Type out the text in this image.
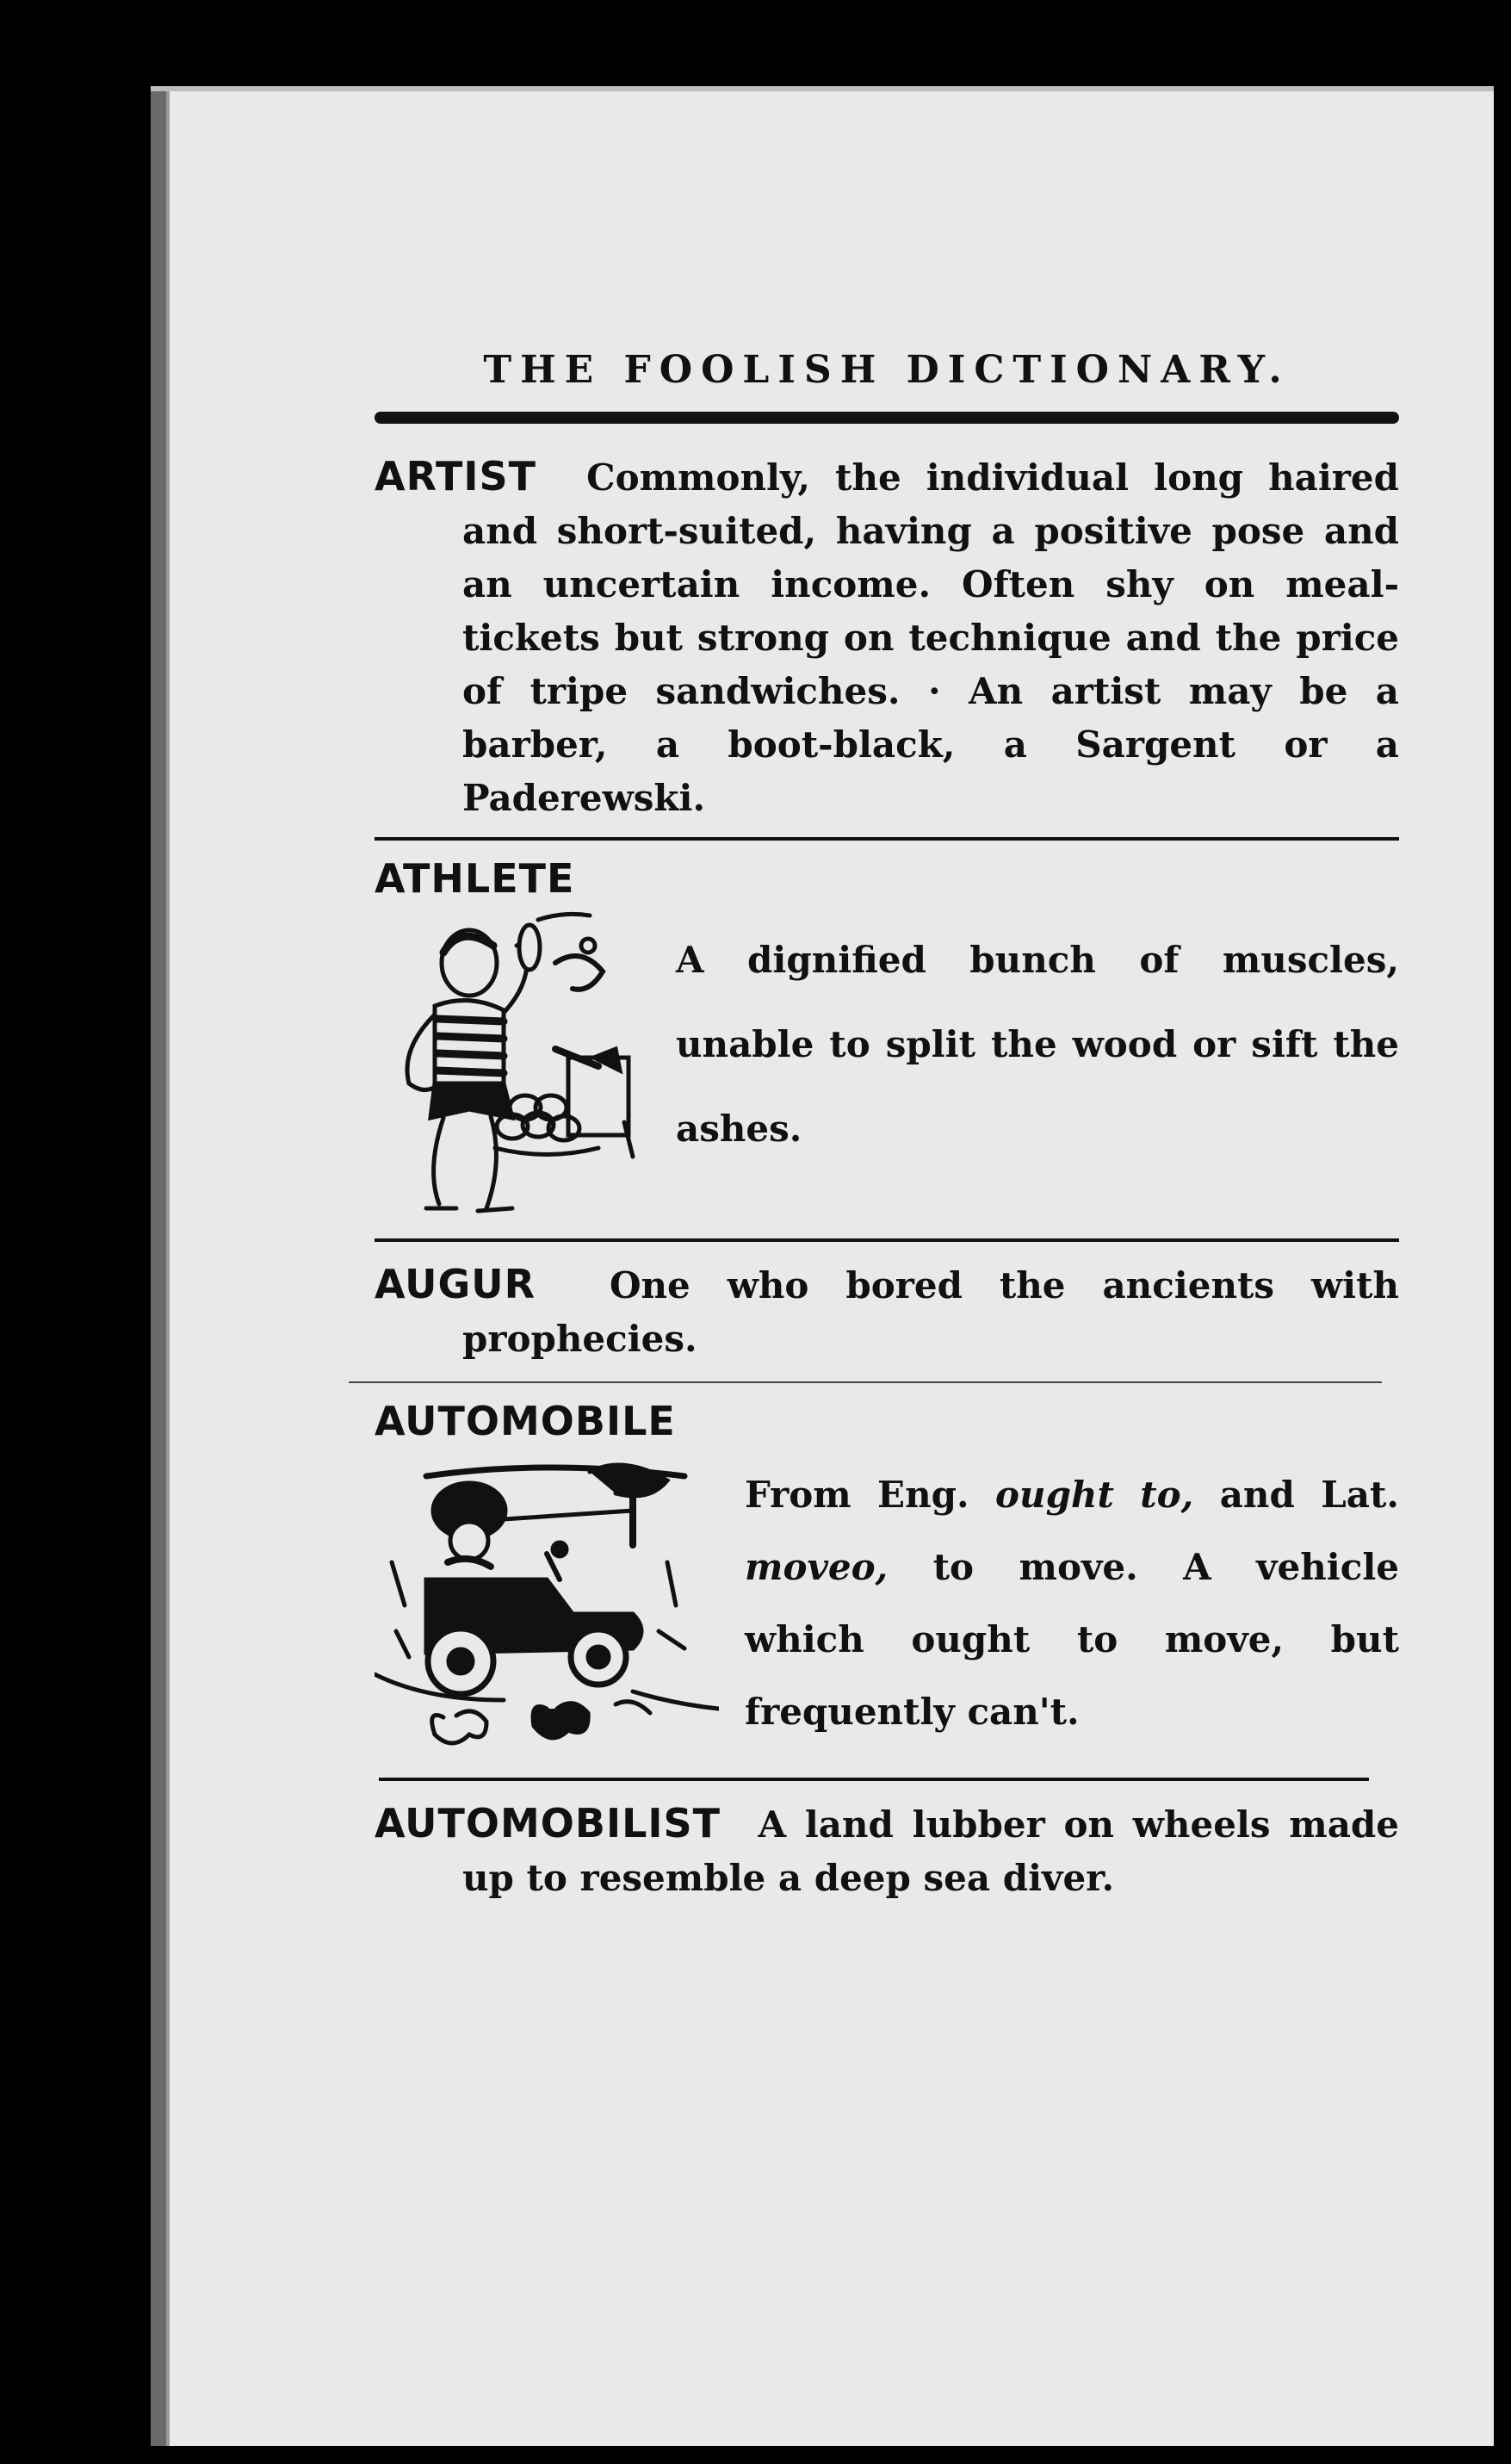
THE FOOLISH DICTIONARY.

ARTIST Commonly, the individual long haired and short-suited, having a positive pose and an uncertain income. Often shy on meal-tickets but strong on technique and the price of tripe sandwiches. · An artist may be a barber, a boot-black, a Sargent or a Paderewski.

ATHLETE
A dignified bunch of muscles, unable to split the wood or sift the ashes.

AUGUR One who bored the ancients with prophecies.

AUTOMOBILE
From Eng. ought to, and Lat. moveo, to move. A vehicle which ought to move, but frequently can't.

AUTOMOBILIST A land lubber on wheels made up to resemble a deep sea diver.
